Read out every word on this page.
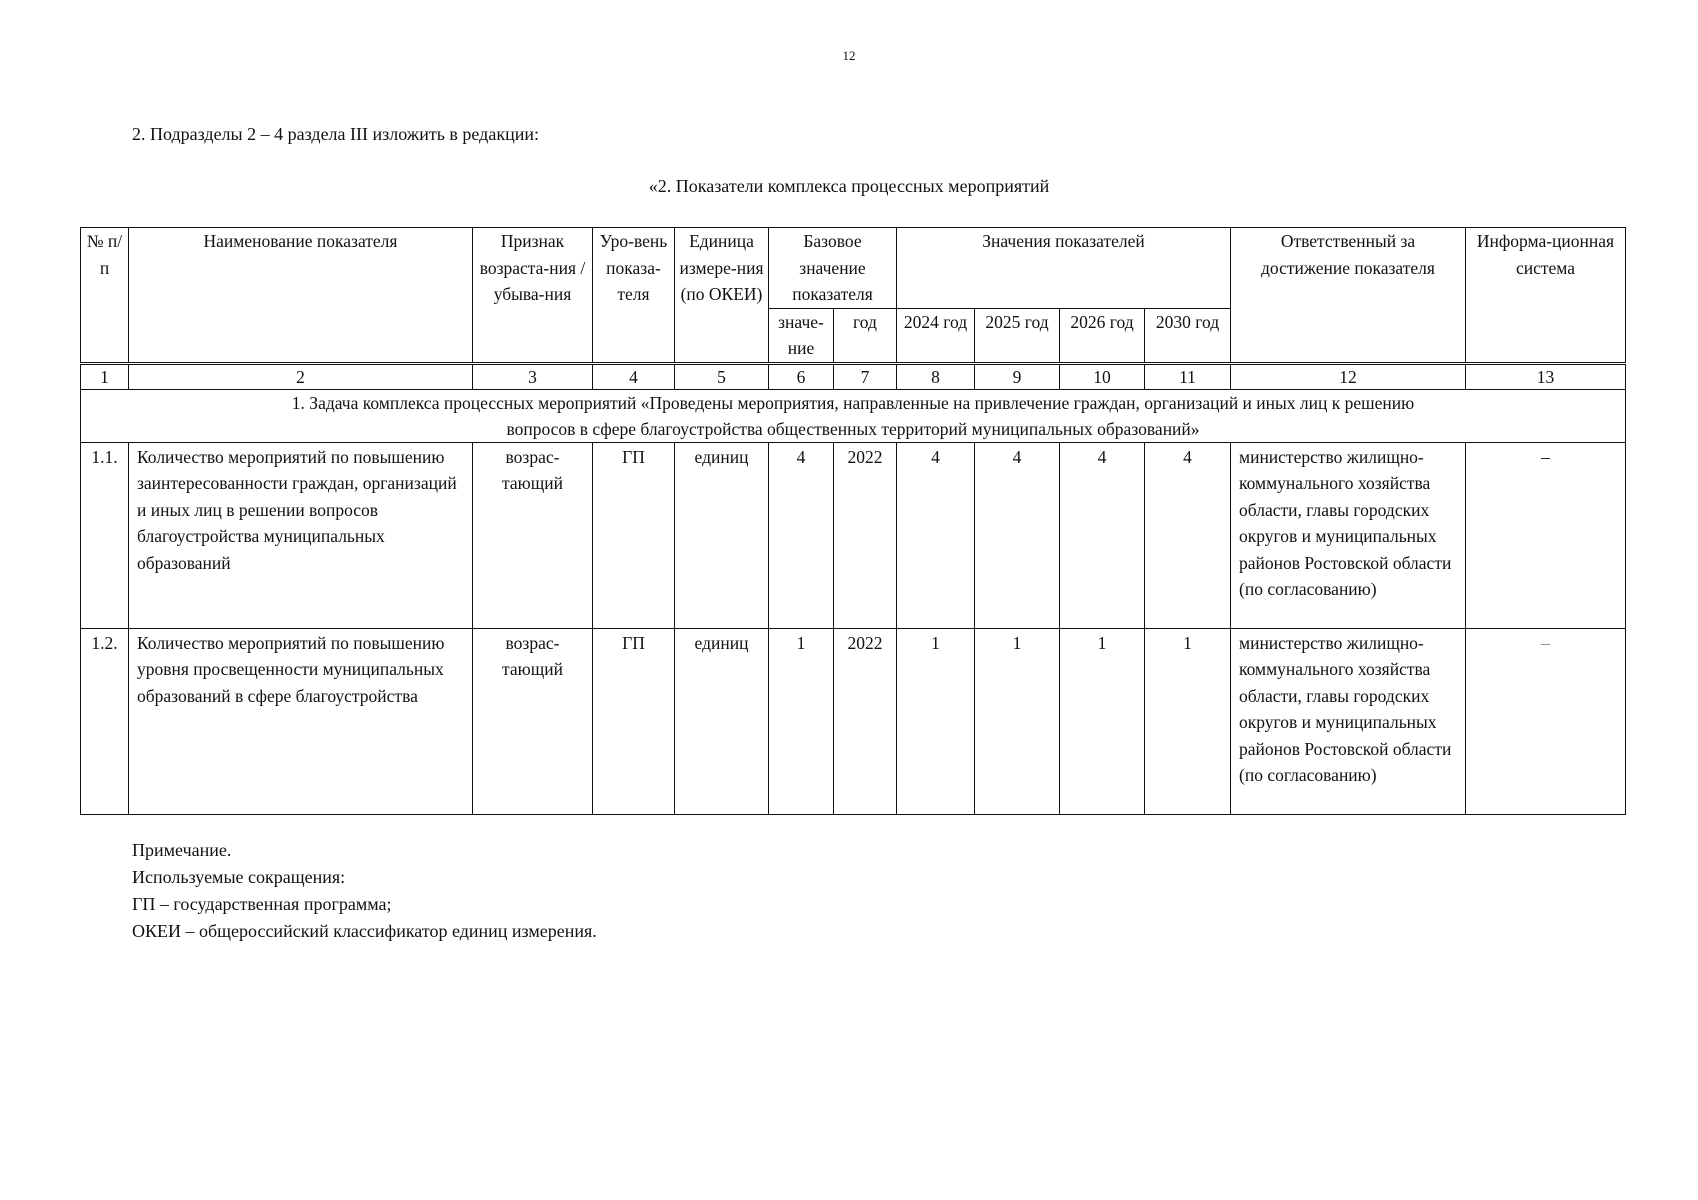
12
2. Подразделы 2 – 4 раздела III изложить в редакции:
«2. Показатели комплекса процессных мероприятий
№ п/п	Наименование показателя	Признак возраста-ния / убыва-ния	Уро-вень показа-теля	Единица измере-ния (по ОКЕИ)	Базовое значение показателя		Значения показателей				Ответственный за достижение показателя	Информа-ционная система
					значе-ние	год	2024 год	2025 год	2026 год	2030 год		
1	2	3	4	5	6	7	8	9	10	11	12	13
1. Задача комплекса процессных мероприятий «Проведены мероприятия, направленные на привлечение граждан, организаций и иных лиц к решению вопросов в сфере благоустройства общественных территорий муниципальных образований»												
1.1.	Количество мероприятий по повышению заинтересованности граждан, организаций и иных лиц в решении вопросов благоустройства муниципальных образований	возрас-тающий	ГП	единиц	4	2022	4	4	4	4	министерство жилищно-коммунального хозяйства области, главы городских округов и муниципальных районов Ростовской области (по согласованию)	–
1.2.	Количество мероприятий по повышению уровня просвещенности муниципальных образований в сфере благоустройства	возрас-тающий	ГП	единиц	1	2022	1	1	1	1	министерство жилищно-коммунального хозяйства области, главы городских округов и муниципальных районов Ростовской области (по согласованию)	–
Примечание.
Используемые сокращения:
ГП – государственная программа;
ОКЕИ – общероссийский классификатор единиц измерения.
